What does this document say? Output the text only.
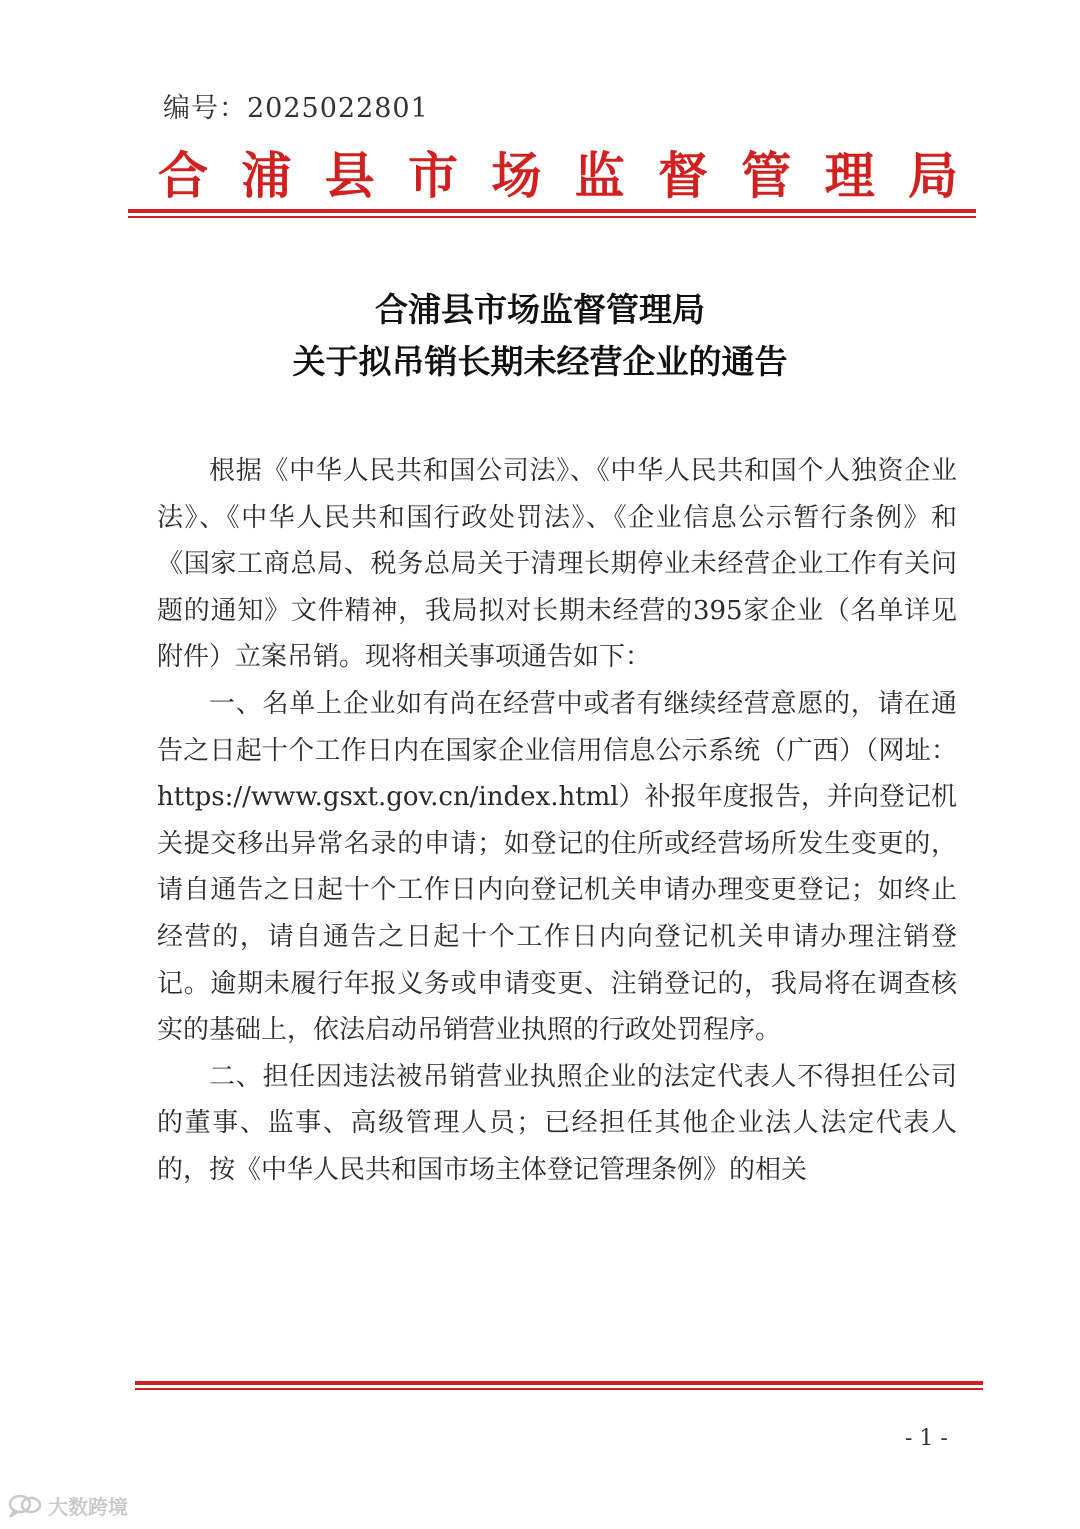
编号：2025022801
合 浦 县 市 场 监 督 管 理 局
合浦县市场监督管理局
关于拟吊销长期未经营企业的通告

根据《中华人民共和国公司法》、《中华人民共和国个人独资企业法》、《中华人民共和国行政处罚法》、《企业信息公示暂行条例》和《国家工商总局、税务总局关于清理长期停业未经营企业工作有关问题的通知》文件精神，我局拟对长期未经营的395家企业（名单详见附件）立案吊销。现将相关事项通告如下：

一、名单上企业如有尚在经营中或者有继续经营意愿的，请在通告之日起十个工作日内在国家企业信用信息公示系统（广西）（网址：https://www.gsxt.gov.cn/index.html）补报年度报告，并向登记机关提交移出异常名录的申请；如登记的住所或经营场所发生变更的，请自通告之日起十个工作日内向登记机关申请办理变更登记；如终止经营的，请自通告之日起十个工作日内向登记机关申请办理注销登记。逾期未履行年报义务或申请变更、注销登记的，我局将在调查核实的基础上，依法启动吊销营业执照的行政处罚程序。

二、担任因违法被吊销营业执照企业的法定代表人不得担任公司的董事、监事、高级管理人员；已经担任其他企业法人法定代表人的，按《中华人民共和国市场主体登记管理条例》的相关

- 1 -
大数跨境
